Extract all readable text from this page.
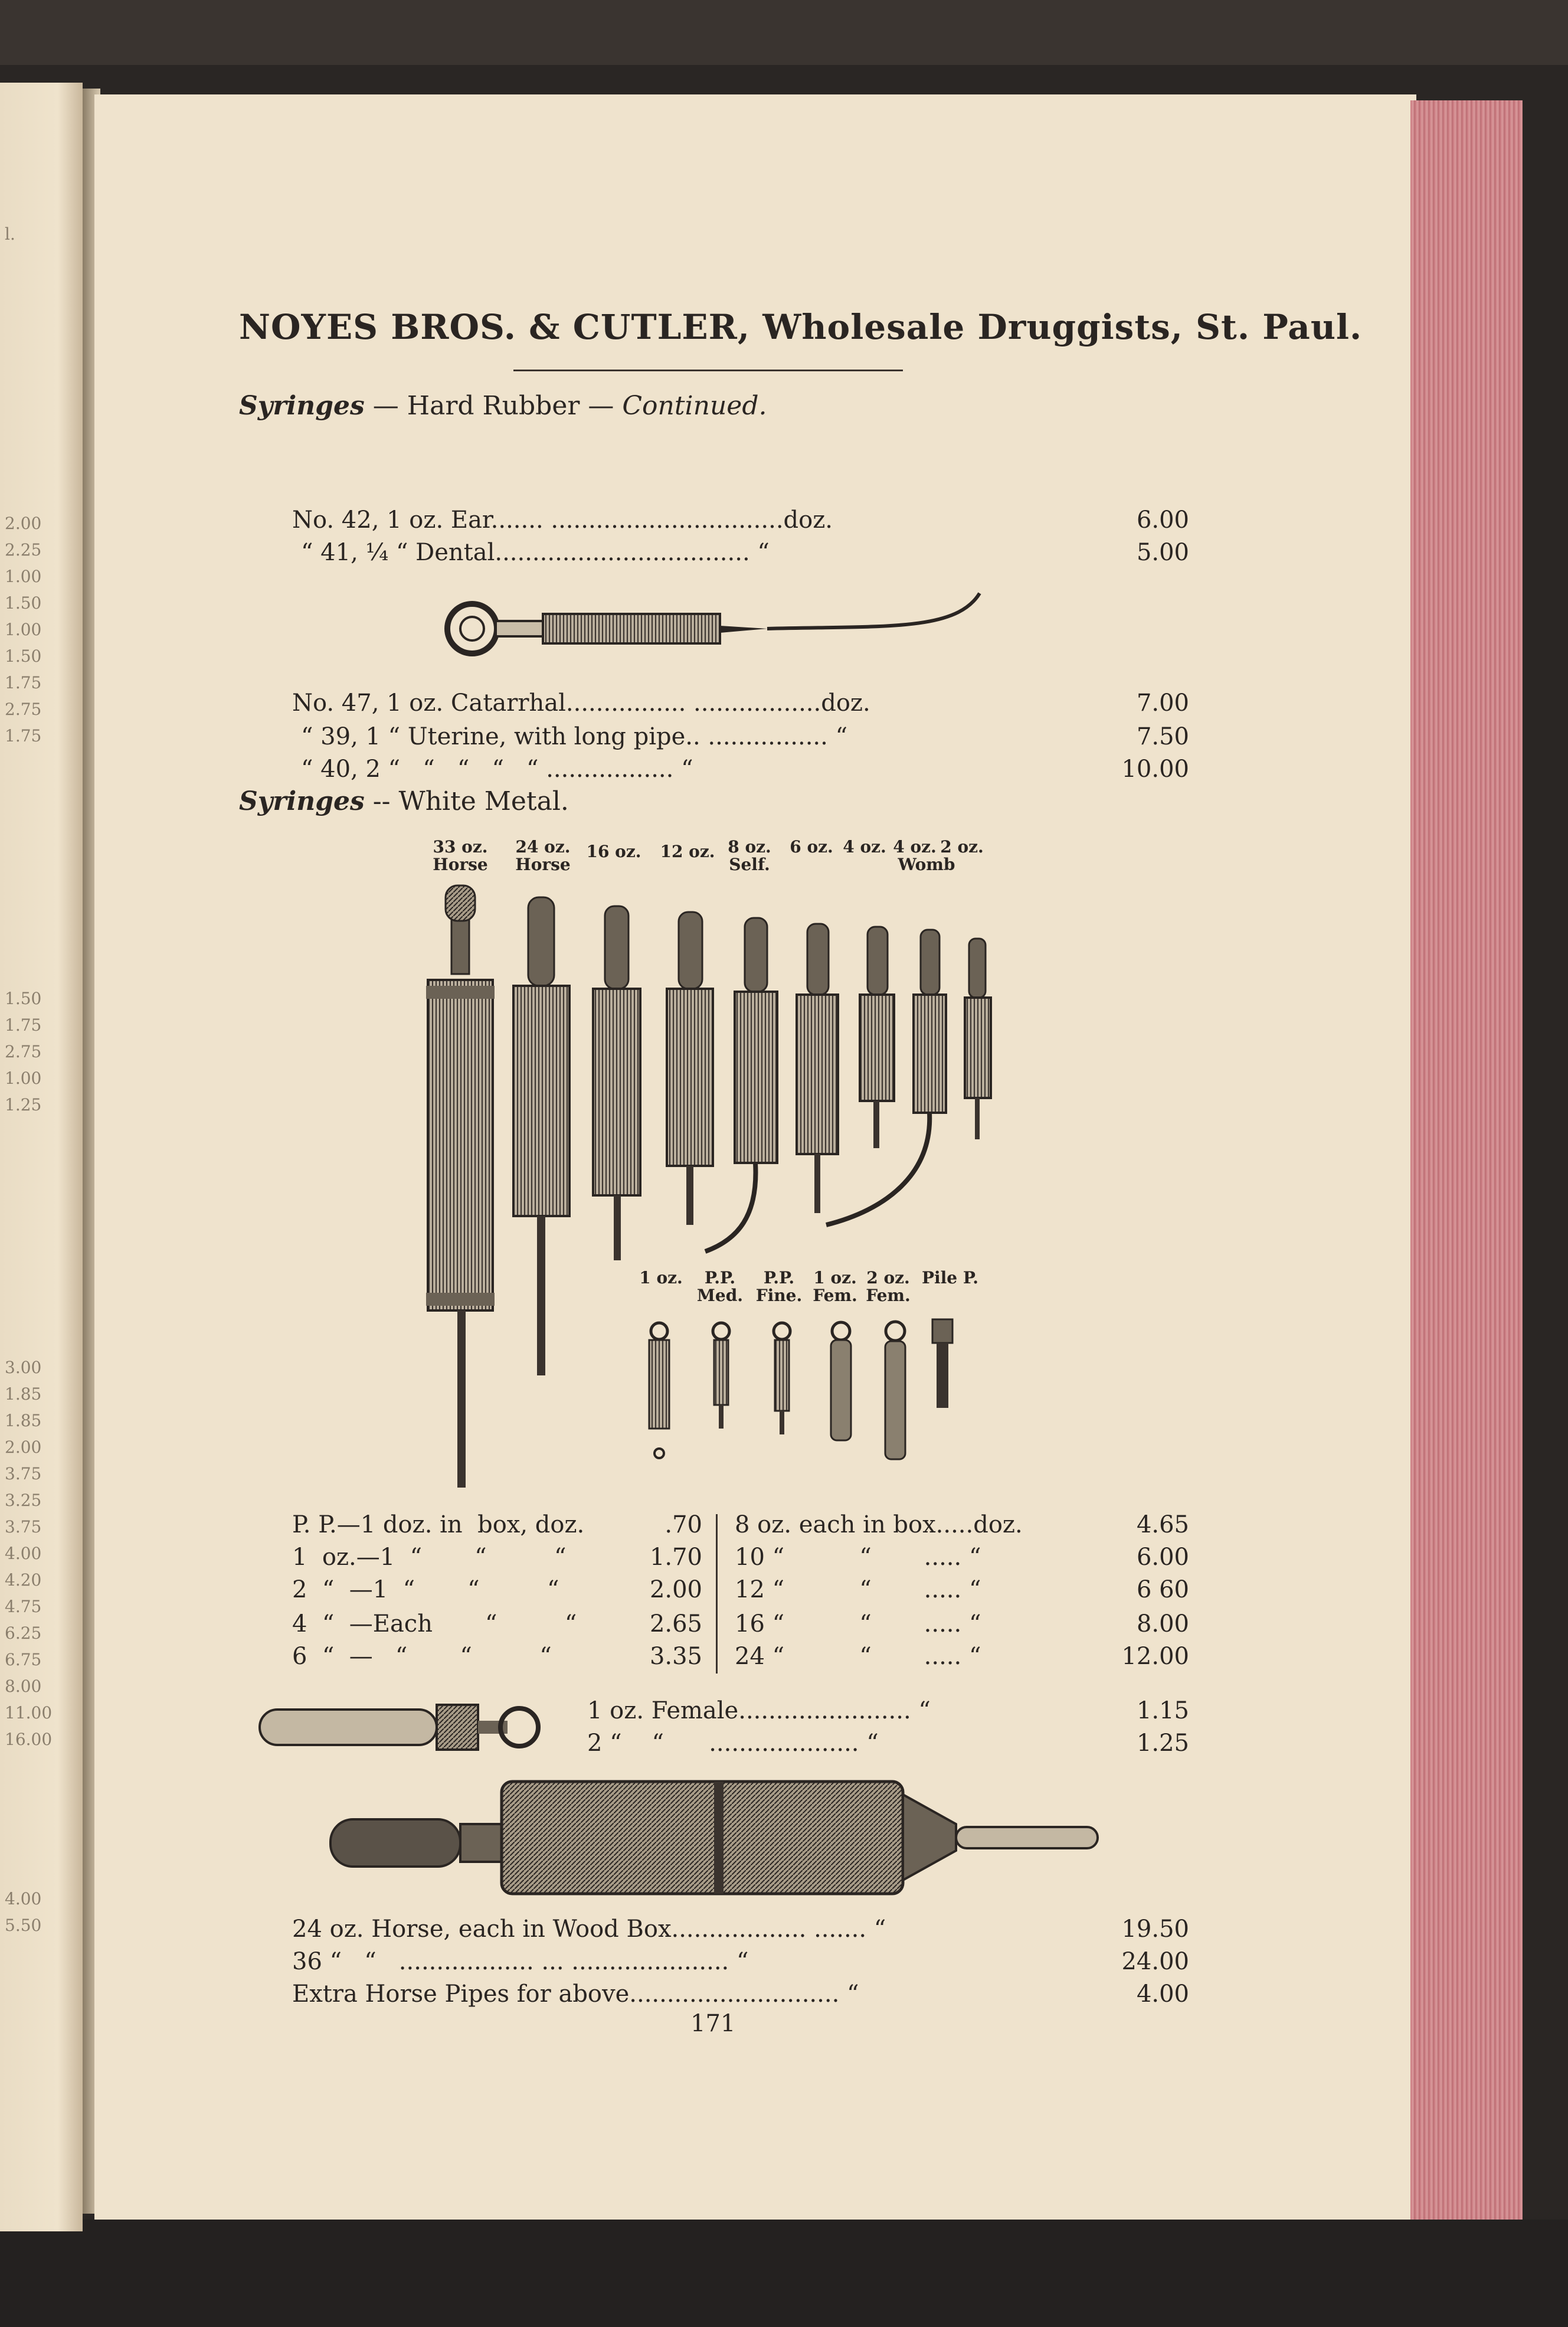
l.
2.00
2.25
1.00
1.50
1.00
1.50
1.75
2.75
1.75
1.50
1.75
2.75
1.00
1.25
3.00
1.85
1.85
2.00
3.75
3.25
3.75
4.00
4.20
4.75
6.25
6.75
8.00
11.00
16.00
4.00
5.50
NOYES BROS. & CUTLER, Wholesale Druggists, St. Paul.
Syringes — Hard Rubber — Continued.
No. 42, 1 oz. Ear....... ...............................doz.	6.00
“ 41, ¼ “ Dental.................................. “	5.00
No. 47, 1 oz. Catarrhal................ .................doz.	7.00
“ 39, 1 “ Uterine, with long pipe.. ................ “	7.50
“ 40, 2 “   “   “   “   “ ................. “	10.00
Syringes -- White Metal.
33 oz.
Horse
24 oz.
Horse
16 oz.	12 oz. 8 oz.
Self.
6 oz. 4 oz. 4 oz. 2 oz.
Womb
1 oz.	P.P.
Med.
P.P.
Fine.
1 oz.
Fem.
2 oz.
Fem.
Pile P.
P. P.—1 doz. in  box, doz.	.70
1  oz.—1  “       “         “	1.70
2  “  —1  “       “         “	2.00
4  “  —Each       “         “	2.65
6  “  —   “       “         “	3.35
8 oz. each in box.....doz.	4.65
10 “          “       ..... “	6.00
12 “          “       ..... “	6 60
16 “          “       ..... “	8.00
24 “          “       ..... “	12.00
1 oz. Female....................... “	1.15
2 “    “      .................... “	1.25
24 oz. Horse, each in Wood Box.................. ....... “	19.50
36 “   “   .................. ... ..................... “	24.00
Extra Horse Pipes for above............................ “	4.00
171
